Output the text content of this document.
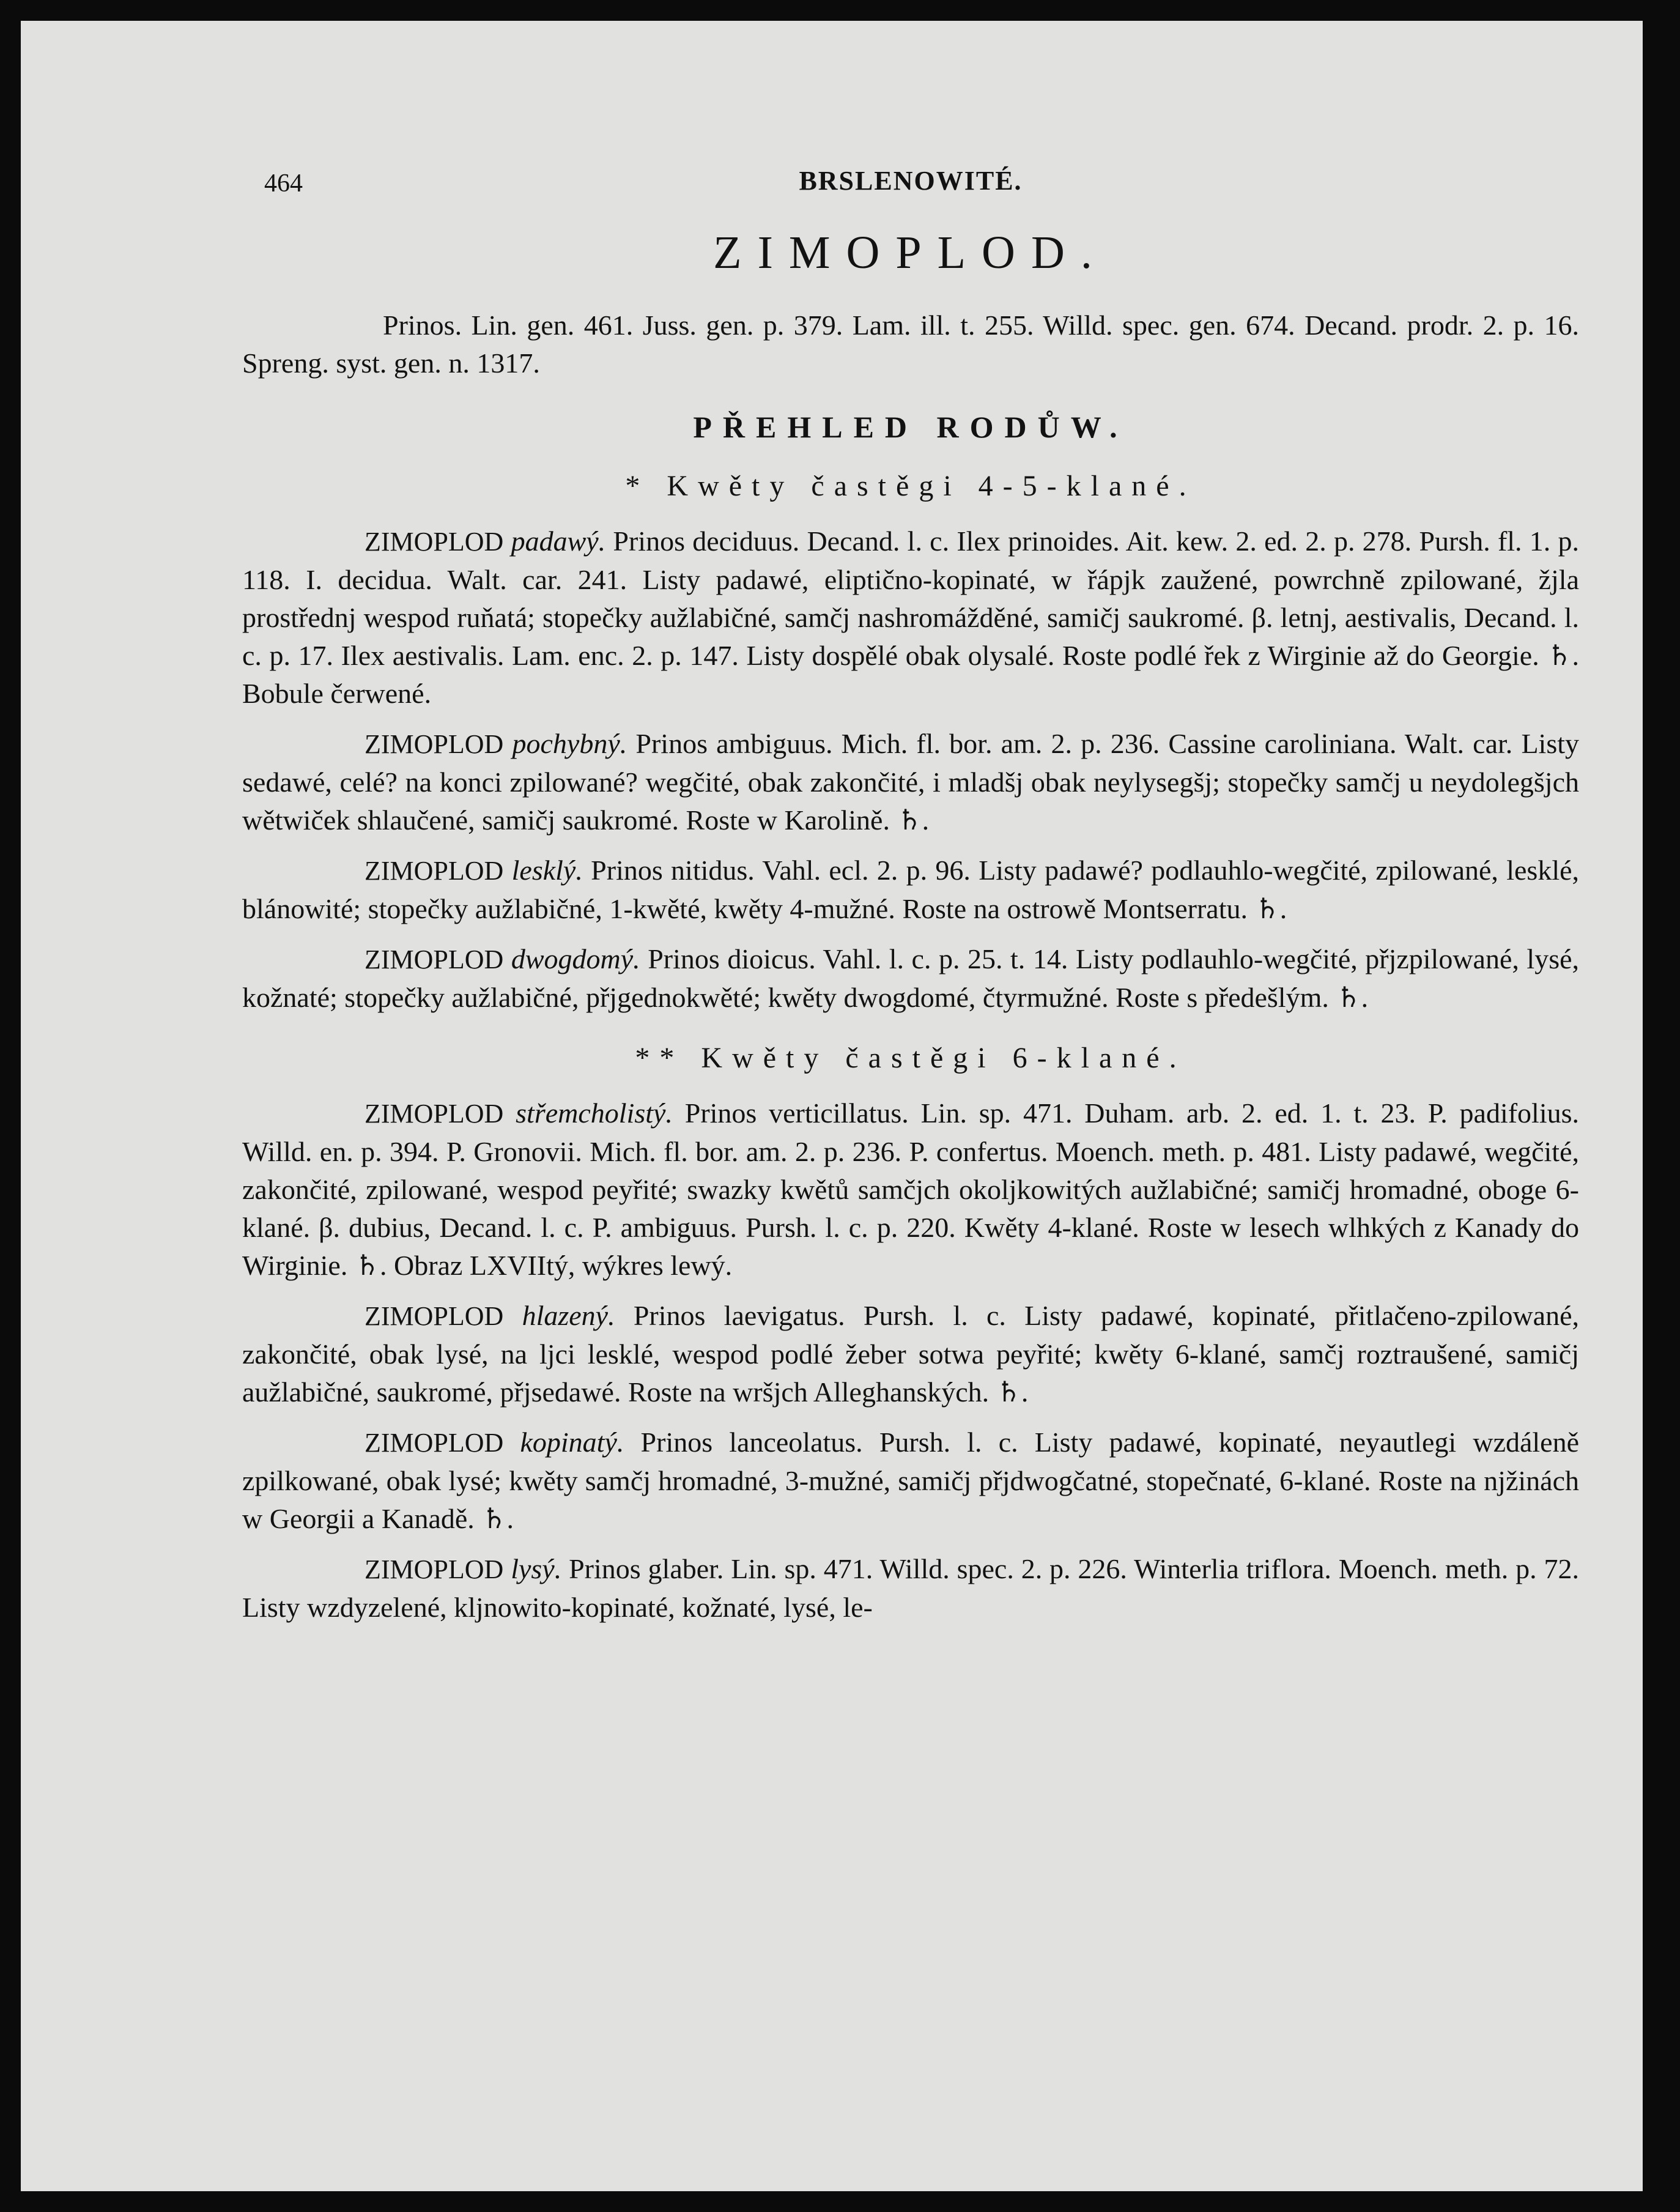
464	BRSLENOWITÉ.
ZIMOPLOD.

Prinos. Lin. gen. 461. Juss. gen. p. 379. Lam. ill. t. 255. Willd. spec. gen. 674. Decand. prodr. 2. p. 16. Spreng. syst. gen. n. 1317.

PŘEHLED RODŮW.
* Kwěty častěgi 4-5-klané.

ZIMOPLOD padawý. Prinos deciduus. Decand. l. c. Ilex prinoides. Ait. kew. 2. ed. 2. p. 278. Pursh. fl. 1. p. 118. I. decidua. Walt. car. 241. Listy padawé, eliptično-kopinaté, w řápjk zaužené, powrchně zpilowané, žjla prostřednj wespod ruňatá; stopečky aužlabičné, samčj nashromážděné, samičj saukromé. β. letnj, aestivalis, Decand. l. c. p. 17. Ilex aestivalis. Lam. enc. 2. p. 147. Listy dospělé obak olysalé. Roste podlé řek z Wirginie až do Georgie. ♄. Bobule čerwené.

ZIMOPLOD pochybný. Prinos ambiguus. Mich. fl. bor. am. 2. p. 236. Cassine caroliniana. Walt. car. Listy sedawé, celé? na konci zpilowané? wegčité, obak zakončité, i mladšj obak neylysegšj; stopečky samčj u neydolegšjch wětwiček shlaučené, samičj saukromé. Roste w Karolině. ♄.

ZIMOPLOD lesklý. Prinos nitidus. Vahl. ecl. 2. p. 96. Listy padawé? podlauhlo-wegčité, zpilowané, lesklé, blánowité; stopečky aužlabičné, 1-kwěté, kwěty 4-mužné. Roste na ostrowě Montserratu. ♄.

ZIMOPLOD dwogdomý. Prinos dioicus. Vahl. l. c. p. 25. t. 14. Listy podlauhlo-wegčité, přjzpilowané, lysé, kožnaté; stopečky aužlabičné, přjgednokwěté; kwěty dwogdomé, čtyrmužné. Roste s předešlým. ♄.

** Kwěty častěgi 6-klané.

ZIMOPLOD střemcholistý. Prinos verticillatus. Lin. sp. 471. Duham. arb. 2. ed. 1. t. 23. P. padifolius. Willd. en. p. 394. P. Gronovii. Mich. fl. bor. am. 2. p. 236. P. confertus. Moench. meth. p. 481. Listy padawé, wegčité, zakončité, zpilowané, wespod peyřité; swazky kwětů samčjch okoljkowitých aužlabičné; samičj hromadné, oboge 6-klané. β. dubius, Decand. l. c. P. ambiguus. Pursh. l. c. p. 220. Kwěty 4-klané. Roste w lesech wlhkých z Kanady do Wirginie. ♄. Obraz LXVIItý, wýkres lewý.

ZIMOPLOD hlazený. Prinos laevigatus. Pursh. l. c. Listy padawé, kopinaté, přitlačeno-zpilowané, zakončité, obak lysé, na ljci lesklé, wespod podlé žeber sotwa peyřité; kwěty 6-klané, samčj roztraušené, samičj aužlabičné, saukromé, přjsedawé. Roste na wršjch Alleghanských. ♄.

ZIMOPLOD kopinatý. Prinos lanceolatus. Pursh. l. c. Listy padawé, kopinaté, neyautlegi wzdáleně zpilkowané, obak lysé; kwěty samčj hromadné, 3-mužné, samičj přjdwogčatné, stopečnaté, 6-klané. Roste na njžinách w Georgii a Kanadě. ♄.

ZIMOPLOD lysý. Prinos glaber. Lin. sp. 471. Willd. spec. 2. p. 226. Winterlia triflora. Moench. meth. p. 72. Listy wzdyzelené, kljnowito-kopinaté, kožnaté, lysé, le-
